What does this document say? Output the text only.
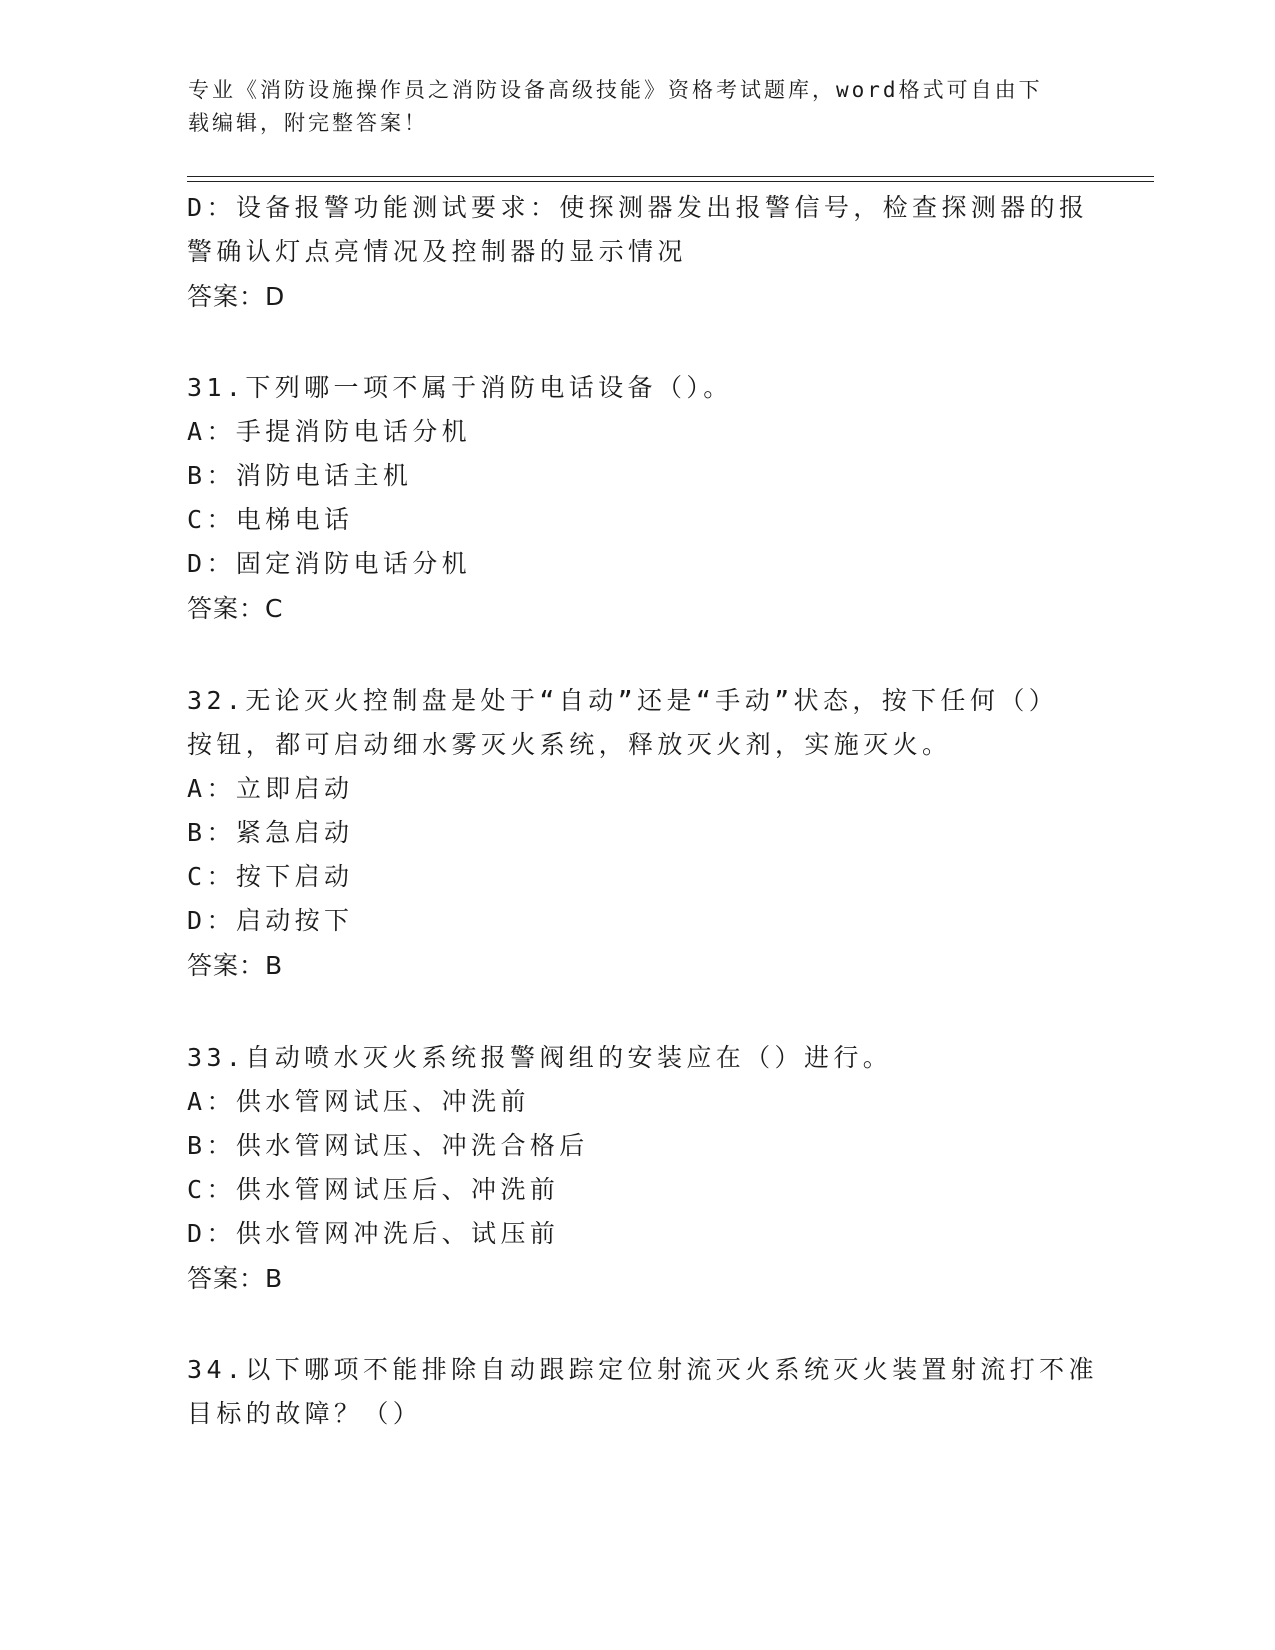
专业《消防设施操作员之消防设备高级技能》资格考试题库，word格式可自由下
载编辑，附完整答案！
D：设备报警功能测试要求：使探测器发出报警信号，检查探测器的报
警确认灯点亮情况及控制器的显示情况
答案：D
31.下列哪一项不属于消防电话设备（）。
A：手提消防电话分机
B：消防电话主机
C：电梯电话
D：固定消防电话分机
答案：C
32.无论灭火控制盘是处于“自动”还是“手动”状态，按下任何（）
按钮，都可启动细水雾灭火系统，释放灭火剂，实施灭火。
A：立即启动
B：紧急启动
C：按下启动
D：启动按下
答案：B
33.自动喷水灭火系统报警阀组的安装应在（）进行。
A：供水管网试压、冲洗前
B：供水管网试压、冲洗合格后
C：供水管网试压后、冲洗前
D：供水管网冲洗后、试压前
答案：B
34.以下哪项不能排除自动跟踪定位射流灭火系统灭火装置射流打不准
目标的故障？（）
